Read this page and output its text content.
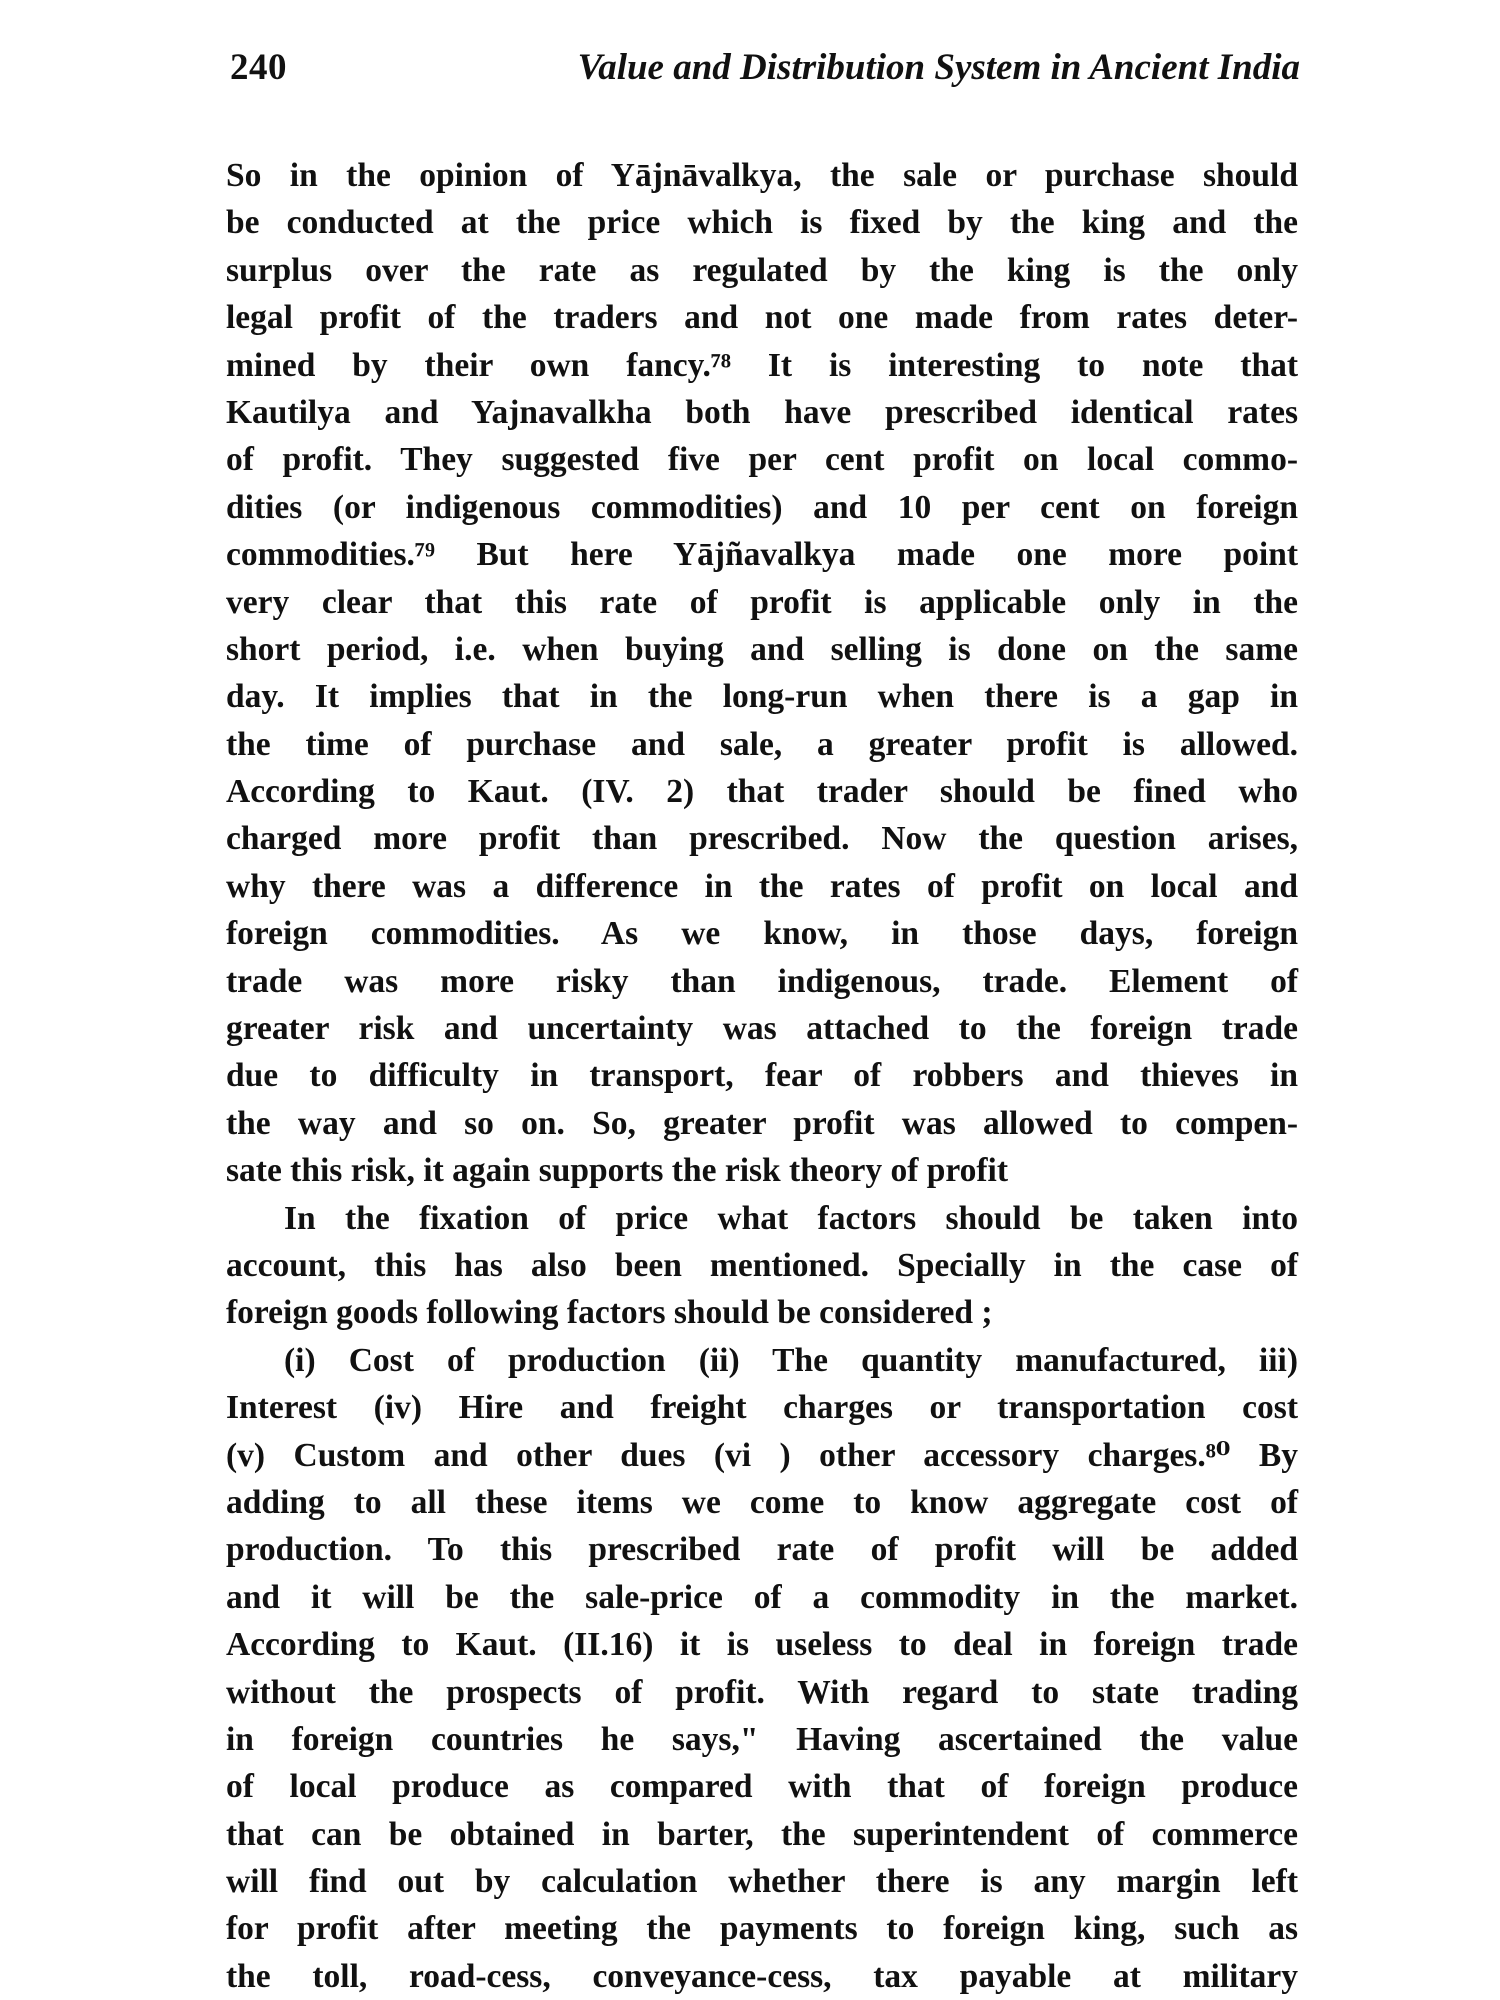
240	Value and Distribution System in Ancient India
So in the opinion of Yājnāvalkya, the sale or purchase should
be conducted at the price which is fixed by the king and the
surplus over the rate as regulated by the king is the only
legal profit of the traders and not one made from rates deter-
mined by their own fancy.⁷⁸ It is interesting to note that
Kautilya and Yajnavalkha both have prescribed identical rates
of profit. They suggested five per cent profit on local commo-
dities (or indigenous commodities) and 10 per cent on foreign
commodities.⁷⁹ But here Yājñavalkya made one more point
very clear that this rate of profit is applicable only in the
short period, i.e. when buying and selling is done on the same
day. It implies that in the long-run when there is a gap in
the time of purchase and sale, a greater profit is allowed.
According to Kaut. (IV. 2) that trader should be fined who
charged more profit than prescribed. Now the question arises,
why there was a difference in the rates of profit on local and
foreign commodities. As we know, in those days, foreign
trade was more risky than indigenous, trade. Element of
greater risk and uncertainty was attached to the foreign trade
due to difficulty in transport, fear of robbers and thieves in
the way and so on. So, greater profit was allowed to compen-
sate this risk, it again supports the risk theory of profit
In the fixation of price what factors should be taken into
account, this has also been mentioned. Specially in the case of
foreign goods following factors should be considered ;
(i) Cost of production (ii) The quantity manufactured, iii)
Interest (iv) Hire and freight charges or transportation cost
(v) Custom and other dues (vi ) other accessory charges.⁸⁰ By
adding to all these items we come to know aggregate cost of
production. To this prescribed rate of profit will be added
and it will be the sale-price of a commodity in the market.
According to Kaut. (II.16) it is useless to deal in foreign trade
without the prospects of profit. With regard to state trading
in foreign countries he says," Having ascertained the value
of local produce as compared with that of foreign produce
that can be obtained in barter, the superintendent of commerce
will find out by calculation whether there is any margin left
for profit after meeting the payments to foreign king, such as
the toll, road-cess, conveyance-cess, tax payable at military
